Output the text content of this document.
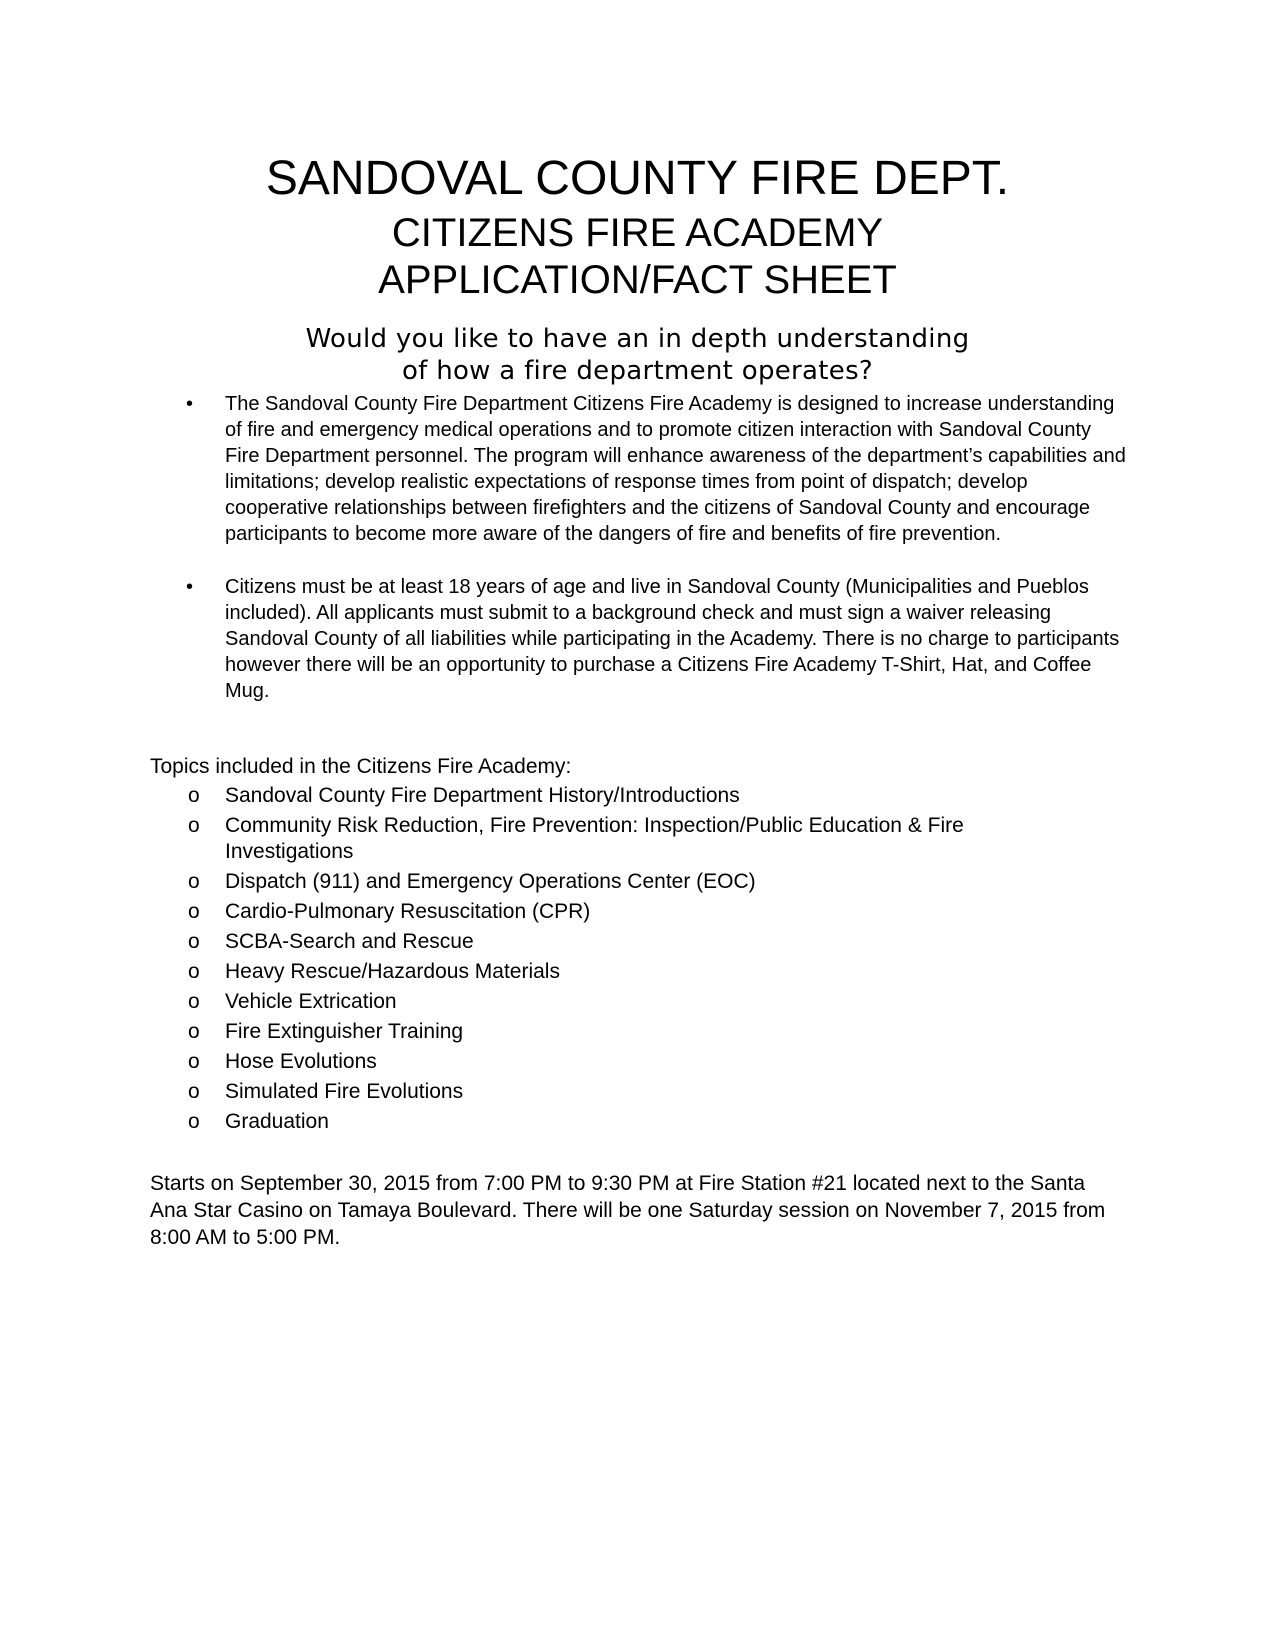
SANDOVAL COUNTY FIRE DEPT.
CITIZENS FIRE ACADEMY
APPLICATION/FACT SHEET

Would you like to have an in depth understanding
of how a fire department operates?

• The Sandoval County Fire Department Citizens Fire Academy is designed to increase understanding of fire and emergency medical operations and to promote citizen interaction with Sandoval County Fire Department personnel. The program will enhance awareness of the department’s capabilities and limitations; develop realistic expectations of response times from point of dispatch; develop cooperative relationships between firefighters and the citizens of Sandoval County and encourage participants to become more aware of the dangers of fire and benefits of fire prevention.
• Citizens must be at least 18 years of age and live in Sandoval County (Municipalities and Pueblos included). All applicants must submit to a background check and must sign a waiver releasing Sandoval County of all liabilities while participating in the Academy. There is no charge to participants however there will be an opportunity to purchase a Citizens Fire Academy T-Shirt, Hat, and Coffee Mug.

Topics included in the Citizens Fire Academy:

o Sandoval County Fire Department History/Introductions
o Community Risk Reduction, Fire Prevention: Inspection/Public Education & Fire Investigations
o Dispatch (911) and Emergency Operations Center (EOC)
o Cardio-Pulmonary Resuscitation (CPR)
o SCBA-Search and Rescue
o Heavy Rescue/Hazardous Materials
o Vehicle Extrication
o Fire Extinguisher Training
o Hose Evolutions
o Simulated Fire Evolutions
o Graduation

Starts on September 30, 2015 from 7:00 PM to 9:30 PM at Fire Station #21 located next to the Santa Ana Star Casino on Tamaya Boulevard. There will be one Saturday session on November 7, 2015 from 8:00 AM to 5:00 PM.
